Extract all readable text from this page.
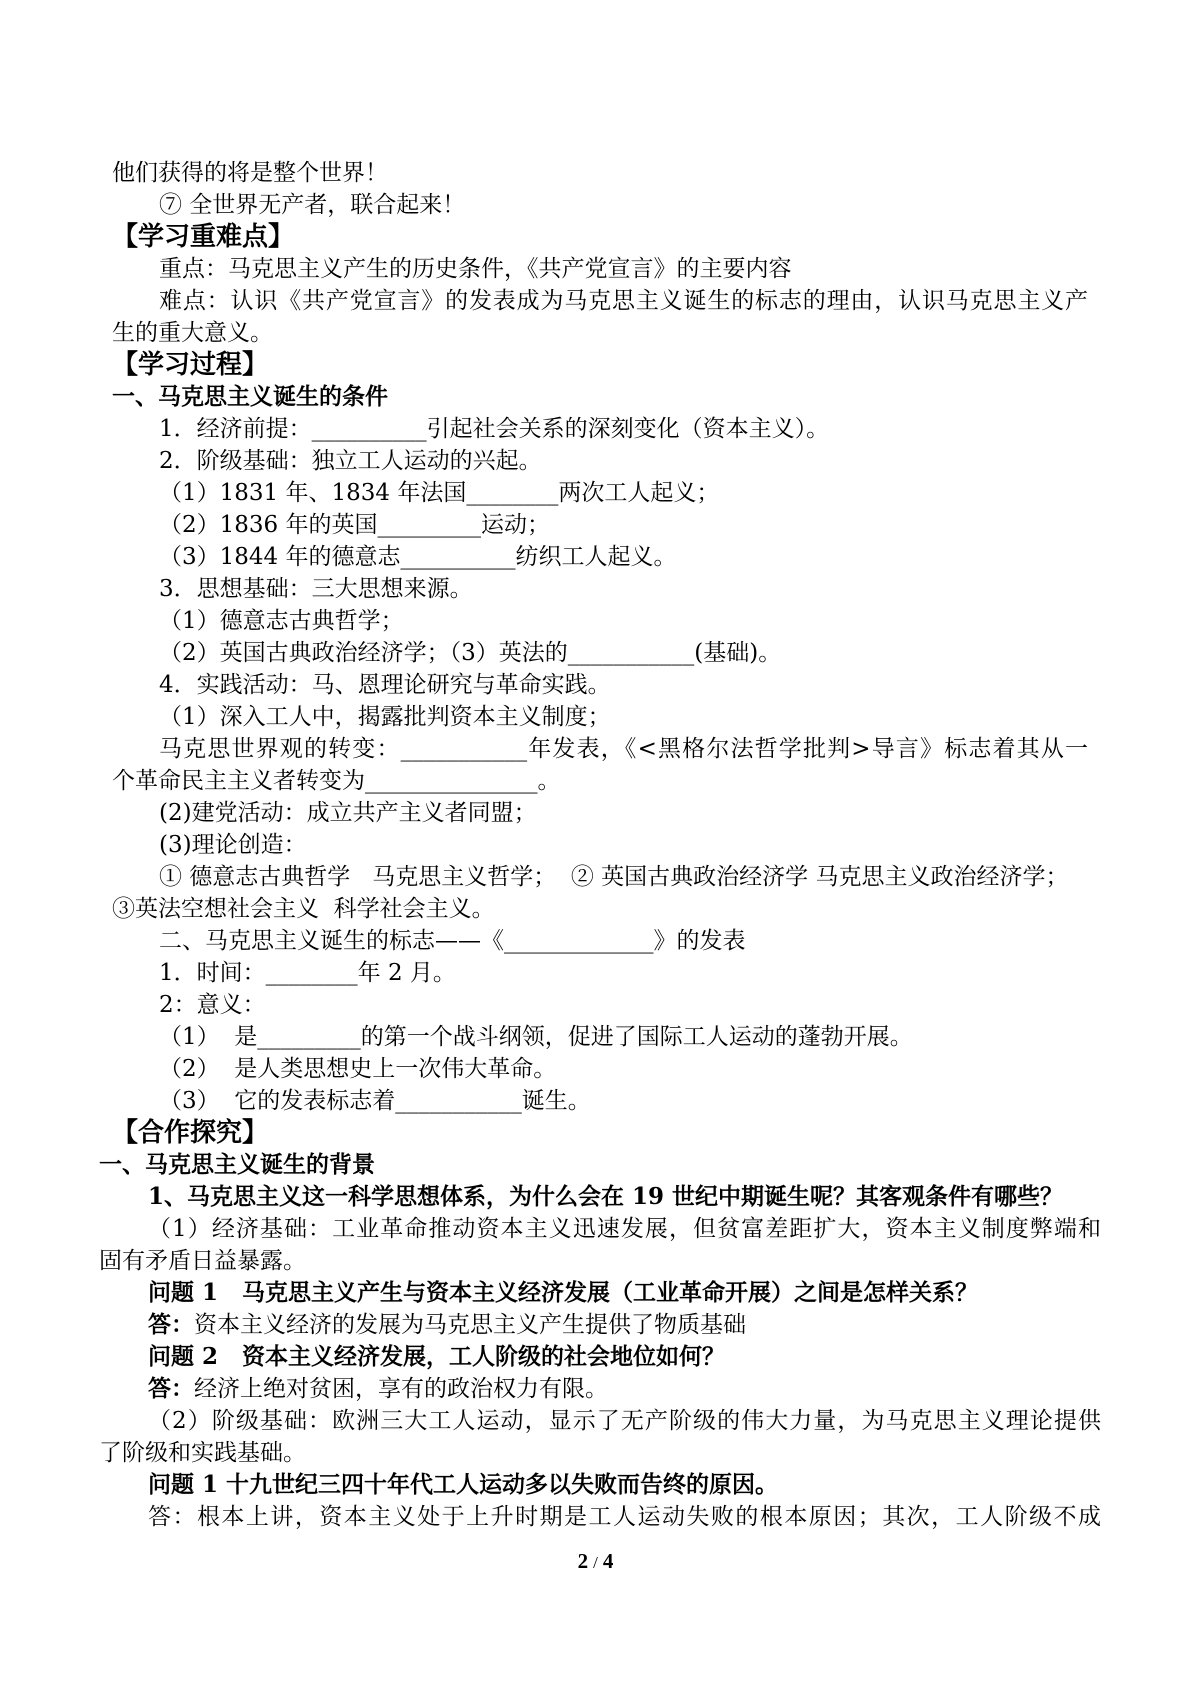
他们获得的将是整个世界！
⑦ 全世界无产者，联合起来！
【学习重难点】
重点：马克思主义产生的历史条件，《共产党宣言》的主要内容
难点：认识《共产党宣言》的发表成为马克思主义诞生的标志的理由，认识马克思主义产
生的重大意义。
【学习过程】
一、马克思主义诞生的条件
1．经济前提：__________引起社会关系的深刻变化（资本主义）。
2．阶级基础：独立工人运动的兴起。
（1）1831 年、1834 年法国________两次工人起义；
（2）1836 年的英国_________运动；
（3）1844 年的德意志__________纺织工人起义。
3．思想基础：三大思想来源。
（1）德意志古典哲学；
（2）英国古典政治经济学；（3）英法的___________(基础)。
4．实践活动：马、恩理论研究与革命实践。
（1）深入工人中，揭露批判资本主义制度；
马克思世界观的转变：___________年发表，《<黑格尔法哲学批判>导言》标志着其从一
个革命民主主义者转变为_______________。
(2)建党活动：成立共产主义者同盟；
(3)理论创造：
① 德意志古典哲学   马克思主义哲学；  ② 英国古典政治经济学 马克思主义政治经济学；
③英法空想社会主义  科学社会主义。
二、马克思主义诞生的标志——《_____________》的发表
1．时间：________年 2 月。
2：意义：
（1）  是_________的第一个战斗纲领，促进了国际工人运动的蓬勃开展。
（2）  是人类思想史上一次伟大革命。
（3）  它的发表标志着___________诞生。
【合作探究】
一、马克思主义诞生的背景
1、马克思主义这一科学思想体系，为什么会在 19 世纪中期诞生呢？其客观条件有哪些？
（1）经济基础：工业革命推动资本主义迅速发展，但贫富差距扩大，资本主义制度弊端和
固有矛盾日益暴露。
问题 1   马克思主义产生与资本主义经济发展（工业革命开展）之间是怎样关系？
答：资本主义经济的发展为马克思主义产生提供了物质基础
问题 2   资本主义经济发展，工人阶级的社会地位如何？
答：经济上绝对贫困，享有的政治权力有限。
（2）阶级基础：欧洲三大工人运动，显示了无产阶级的伟大力量，为马克思主义理论提供
了阶级和实践基础。
问题 1 十九世纪三四十年代工人运动多以失败而告终的原因。
答：根本上讲，资本主义处于上升时期是工人运动失败的根本原因；其次，工人阶级不成
2 / 4
